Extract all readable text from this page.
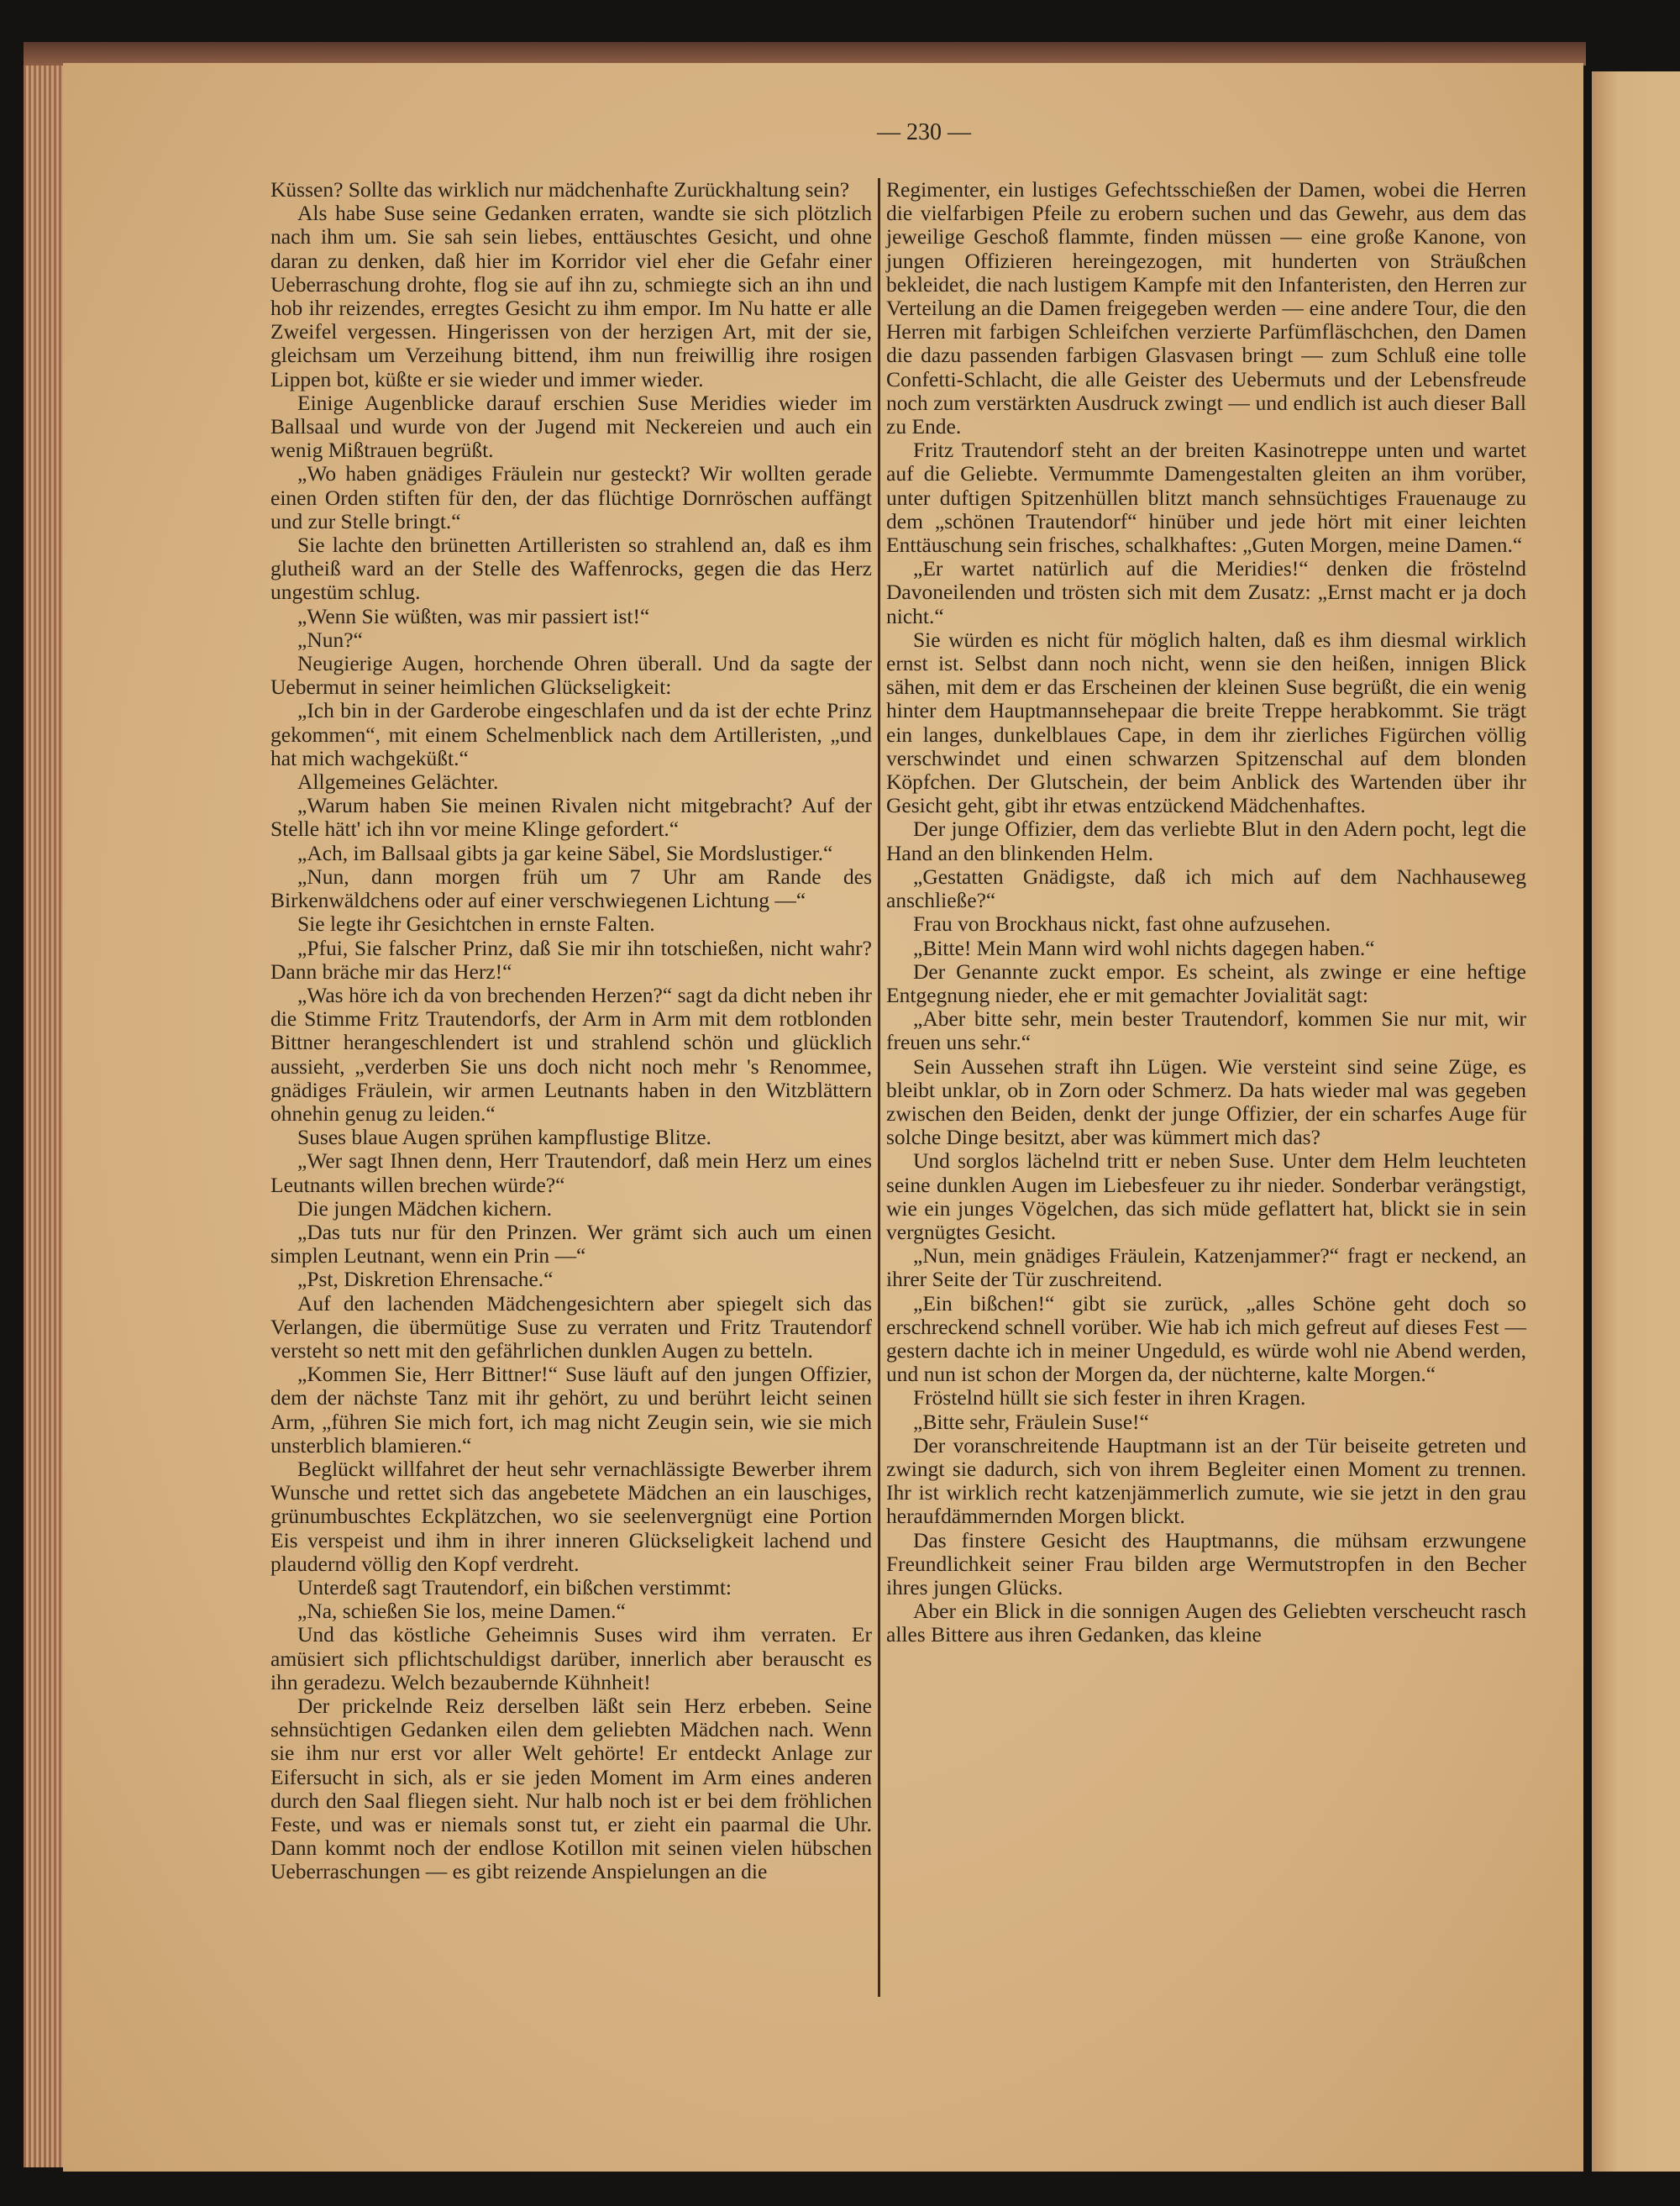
— 230 —

Küssen? Sollte das wirklich nur mädchenhafte Zurückhaltung sein?

Als habe Suse seine Gedanken erraten, wandte sie sich plötzlich nach ihm um. Sie sah sein liebes, enttäuschtes Gesicht, und ohne daran zu denken, daß hier im Korridor viel eher die Gefahr einer Ueberraschung drohte, flog sie auf ihn zu, schmiegte sich an ihn und hob ihr reizendes, erregtes Gesicht zu ihm empor. Im Nu hatte er alle Zweifel vergessen. Hingerissen von der herzigen Art, mit der sie, gleichsam um Verzeihung bittend, ihm nun freiwillig ihre rosigen Lippen bot, küßte er sie wieder und immer wieder.

Einige Augenblicke darauf erschien Suse Meridies wieder im Ballsaal und wurde von der Jugend mit Neckereien und auch ein wenig Mißtrauen begrüßt.

„Wo haben gnädiges Fräulein nur gesteckt? Wir wollten gerade einen Orden stiften für den, der das flüchtige Dornröschen auffängt und zur Stelle bringt.“

Sie lachte den brünetten Artilleristen so strahlend an, daß es ihm glutheiß ward an der Stelle des Waffenrocks, gegen die das Herz ungestüm schlug.

„Wenn Sie wüßten, was mir passiert ist!“

„Nun?“

Neugierige Augen, horchende Ohren überall. Und da sagte der Uebermut in seiner heimlichen Glückseligkeit:

„Ich bin in der Garderobe eingeschlafen und da ist der echte Prinz gekommen“, mit einem Schelmenblick nach dem Artilleristen, „und hat mich wachgeküßt.“

Allgemeines Gelächter.

„Warum haben Sie meinen Rivalen nicht mitgebracht? Auf der Stelle hätt' ich ihn vor meine Klinge gefordert.“

„Ach, im Ballsaal gibts ja gar keine Säbel, Sie Mordslustiger.“

„Nun, dann morgen früh um 7 Uhr am Rande des Birkenwäldchens oder auf einer verschwiegenen Lichtung —“

Sie legte ihr Gesichtchen in ernste Falten.

„Pfui, Sie falscher Prinz, daß Sie mir ihn totschießen, nicht wahr? Dann bräche mir das Herz!“

„Was höre ich da von brechenden Herzen?“ sagt da dicht neben ihr die Stimme Fritz Trautendorfs, der Arm in Arm mit dem rotblonden Bittner herangeschlendert ist und strahlend schön und glücklich aussieht, „verderben Sie uns doch nicht noch mehr 's Renommee, gnädiges Fräulein, wir armen Leutnants haben in den Witzblättern ohnehin genug zu leiden.“

Suses blaue Augen sprühen kampflustige Blitze.

„Wer sagt Ihnen denn, Herr Trautendorf, daß mein Herz um eines Leutnants willen brechen würde?“

Die jungen Mädchen kichern.

„Das tuts nur für den Prinzen. Wer grämt sich auch um einen simplen Leutnant, wenn ein Prin —“

„Pst, Diskretion Ehrensache.“

Auf den lachenden Mädchengesichtern aber spiegelt sich das Verlangen, die übermütige Suse zu verraten und Fritz Trautendorf versteht so nett mit den gefährlichen dunklen Augen zu betteln.

„Kommen Sie, Herr Bittner!“ Suse läuft auf den jungen Offizier, dem der nächste Tanz mit ihr gehört, zu und berührt leicht seinen Arm, „führen Sie mich fort, ich mag nicht Zeugin sein, wie sie mich unsterblich blamieren.“

Beglückt willfahret der heut sehr vernachlässigte Bewerber ihrem Wunsche und rettet sich das angebetete Mädchen an ein lauschiges, grünumbuschtes Eckplätzchen, wo sie seelenvergnügt eine Portion Eis verspeist und ihm in ihrer inneren Glückseligkeit lachend und plaudernd völlig den Kopf verdreht.

Unterdeß sagt Trautendorf, ein bißchen verstimmt:

„Na, schießen Sie los, meine Damen.“

Und das köstliche Geheimnis Suses wird ihm verraten. Er amüsiert sich pflichtschuldigst darüber, innerlich aber berauscht es ihn geradezu. Welch bezaubernde Kühnheit!

Der prickelnde Reiz derselben läßt sein Herz erbeben. Seine sehnsüchtigen Gedanken eilen dem geliebten Mädchen nach. Wenn sie ihm nur erst vor aller Welt gehörte! Er entdeckt Anlage zur Eifersucht in sich, als er sie jeden Moment im Arm eines anderen durch den Saal fliegen sieht. Nur halb noch ist er bei dem fröhlichen Feste, und was er niemals sonst tut, er zieht ein paarmal die Uhr. Dann kommt noch der endlose Kotillon mit seinen vielen hübschen Ueberraschungen — es gibt reizende Anspielungen an die

Regimenter, ein lustiges Gefechtsschießen der Damen, wobei die Herren die vielfarbigen Pfeile zu erobern suchen und das Gewehr, aus dem das jeweilige Geschoß flammte, finden müssen — eine große Kanone, von jungen Offizieren hereingezogen, mit hunderten von Sträußchen bekleidet, die nach lustigem Kampfe mit den Infanteristen, den Herren zur Verteilung an die Damen freigegeben werden — eine andere Tour, die den Herren mit farbigen Schleifchen verzierte Parfümfläschchen, den Damen die dazu passenden farbigen Glasvasen bringt — zum Schluß eine tolle Confetti-Schlacht, die alle Geister des Uebermuts und der Lebensfreude noch zum verstärkten Ausdruck zwingt — und endlich ist auch dieser Ball zu Ende.

Fritz Trautendorf steht an der breiten Kasinotreppe unten und wartet auf die Geliebte. Vermummte Damengestalten gleiten an ihm vorüber, unter duftigen Spitzenhüllen blitzt manch sehnsüchtiges Frauenauge zu dem „schönen Trautendorf“ hinüber und jede hört mit einer leichten Enttäuschung sein frisches, schalkhaftes: „Guten Morgen, meine Damen.“

„Er wartet natürlich auf die Meridies!“ denken die fröstelnd Davoneilenden und trösten sich mit dem Zusatz: „Ernst macht er ja doch nicht.“

Sie würden es nicht für möglich halten, daß es ihm diesmal wirklich ernst ist. Selbst dann noch nicht, wenn sie den heißen, innigen Blick sähen, mit dem er das Erscheinen der kleinen Suse begrüßt, die ein wenig hinter dem Hauptmannsehepaar die breite Treppe herabkommt. Sie trägt ein langes, dunkelblaues Cape, in dem ihr zierliches Figürchen völlig verschwindet und einen schwarzen Spitzenschal auf dem blonden Köpfchen. Der Glutschein, der beim Anblick des Wartenden über ihr Gesicht geht, gibt ihr etwas entzückend Mädchenhaftes.

Der junge Offizier, dem das verliebte Blut in den Adern pocht, legt die Hand an den blinkenden Helm.

„Gestatten Gnädigste, daß ich mich auf dem Nachhauseweg anschließe?“

Frau von Brockhaus nickt, fast ohne aufzusehen.

„Bitte! Mein Mann wird wohl nichts dagegen haben.“

Der Genannte zuckt empor. Es scheint, als zwinge er eine heftige Entgegnung nieder, ehe er mit gemachter Jovialität sagt:

„Aber bitte sehr, mein bester Trautendorf, kommen Sie nur mit, wir freuen uns sehr.“

Sein Aussehen straft ihn Lügen. Wie versteint sind seine Züge, es bleibt unklar, ob in Zorn oder Schmerz. Da hats wieder mal was gegeben zwischen den Beiden, denkt der junge Offizier, der ein scharfes Auge für solche Dinge besitzt, aber was kümmert mich das?

Und sorglos lächelnd tritt er neben Suse. Unter dem Helm leuchteten seine dunklen Augen im Liebesfeuer zu ihr nieder. Sonderbar verängstigt, wie ein junges Vögelchen, das sich müde geflattert hat, blickt sie in sein vergnügtes Gesicht.

„Nun, mein gnädiges Fräulein, Katzenjammer?“ fragt er neckend, an ihrer Seite der Tür zuschreitend.

„Ein bißchen!“ gibt sie zurück, „alles Schöne geht doch so erschreckend schnell vorüber. Wie hab ich mich gefreut auf dieses Fest — gestern dachte ich in meiner Ungeduld, es würde wohl nie Abend werden, und nun ist schon der Morgen da, der nüchterne, kalte Morgen.“

Fröstelnd hüllt sie sich fester in ihren Kragen.

„Bitte sehr, Fräulein Suse!“

Der voranschreitende Hauptmann ist an der Tür beiseite getreten und zwingt sie dadurch, sich von ihrem Begleiter einen Moment zu trennen. Ihr ist wirklich recht katzenjämmerlich zumute, wie sie jetzt in den grau heraufdämmernden Morgen blickt.

Das finstere Gesicht des Hauptmanns, die mühsam erzwungene Freundlichkeit seiner Frau bilden arge Wermutstropfen in den Becher ihres jungen Glücks.

Aber ein Blick in die sonnigen Augen des Geliebten verscheucht rasch alles Bittere aus ihren Gedanken, das kleine
